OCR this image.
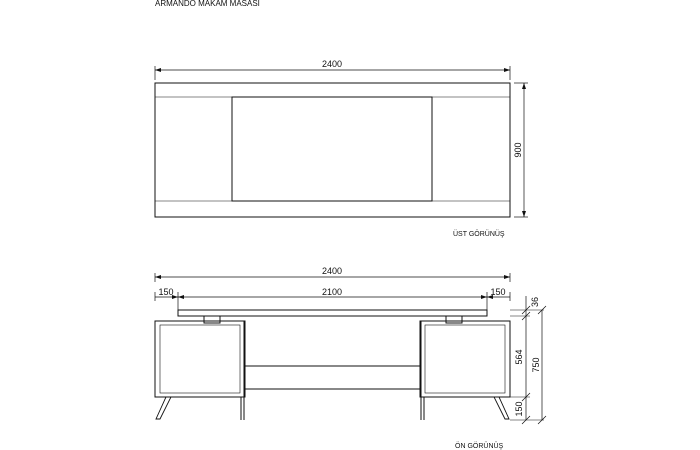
ARMANDO MAKAM MASASI
2400
900
ÜST GÖRÜNÜŞ
2400
150	2100	150
36
564
750
150
ÖN GÖRÜNÜŞ
